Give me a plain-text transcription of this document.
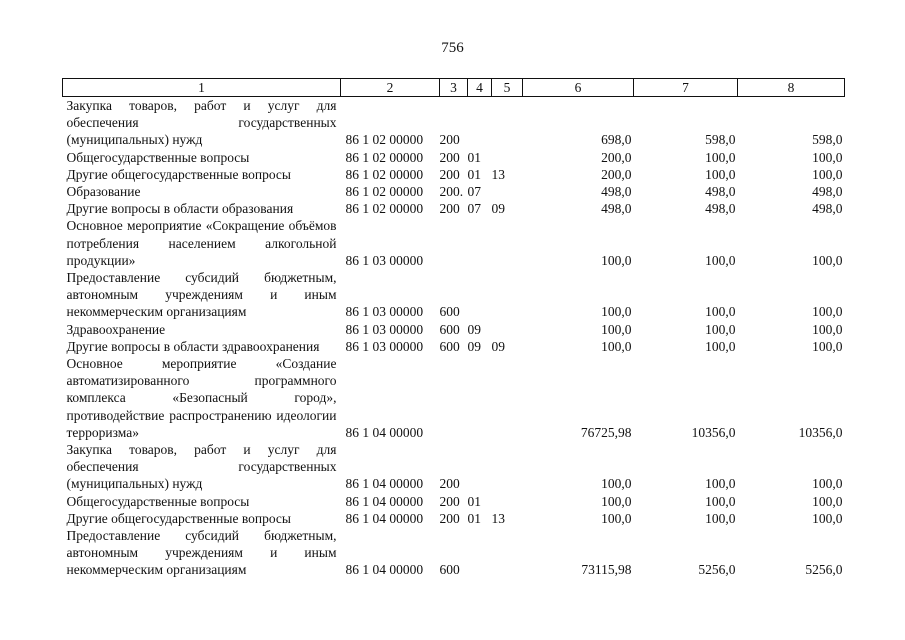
756
1	2	3	4	5	6	7	8
Закупка товаров, работ и услуг для обеспечения государственных (муниципальных) нужд	86 1 02 00000	200			698,0	598,0	598,0
Общегосударственные вопросы	86 1 02 00000	200	01		200,0	100,0	100,0
Другие общегосударственные вопросы	86 1 02 00000	200	01	13	200,0	100,0	100,0
Образование	86 1 02 00000	200.	07		498,0	498,0	498,0
Другие вопросы в области образования	86 1 02 00000	200	07	09	498,0	498,0	498,0
Основное мероприятие «Сокращение объёмов потребления населением алкогольной продукции»	86 1 03 00000				100,0	100,0	100,0
Предоставление субсидий бюджетным, автономным учреждениям и иным некоммерческим организациям	86 1 03 00000	600			100,0	100,0	100,0
Здравоохранение	86 1 03 00000	600	09		100,0	100,0	100,0
Другие вопросы в области здравоохранения	86 1 03 00000	600	09	09	100,0	100,0	100,0
Основное мероприятие «Создание автоматизированного программного комплекса «Безопасный город», противодействие распространению идеологии терроризма»	86 1 04 00000				76725,98	10356,0	10356,0
Закупка товаров, работ и услуг для обеспечения государственных (муниципальных) нужд	86 1 04 00000	200			100,0	100,0	100,0
Общегосударственные вопросы	86 1 04 00000	200	01		100,0	100,0	100,0
Другие общегосударственные вопросы	86 1 04 00000	200	01	13	100,0	100,0	100,0
Предоставление субсидий бюджетным, автономным учреждениям и иным некоммерческим организациям	86 1 04 00000	600			73115,98	5256,0	5256,0
